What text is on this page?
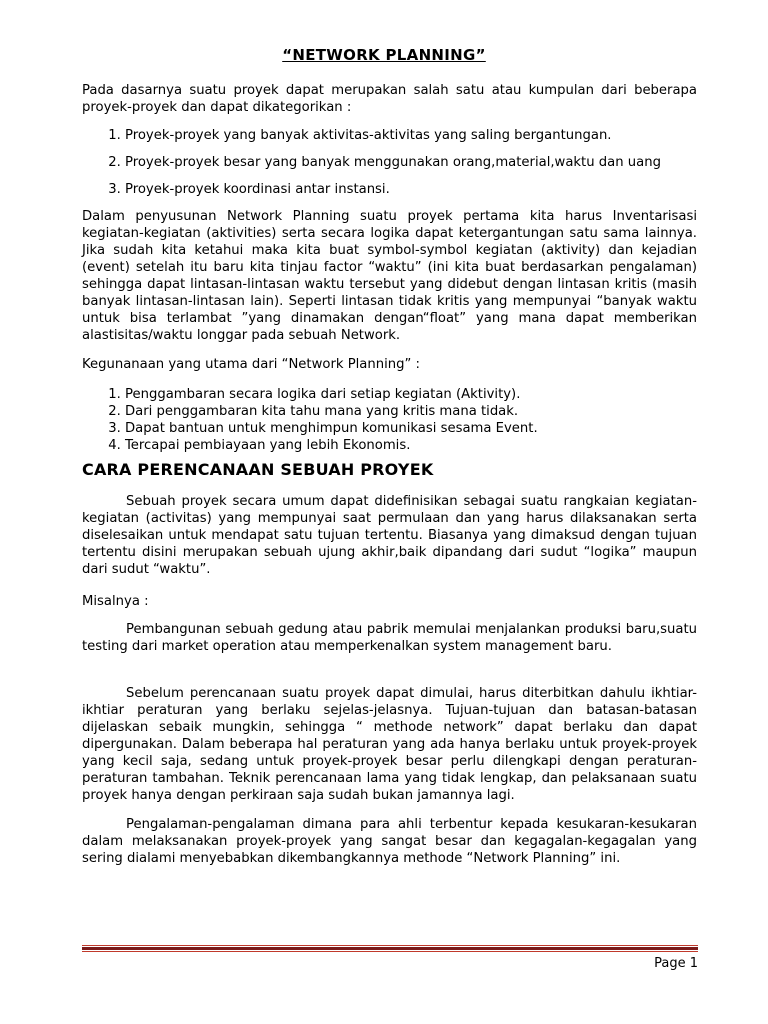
“NETWORK PLANNING”

Pada dasarnya suatu proyek dapat merupakan salah satu atau kumpulan dari beberapa proyek-proyek dan dapat dikategorikan :

1. Proyek-proyek yang banyak aktivitas-aktivitas yang saling bergantungan.
2. Proyek-proyek besar yang banyak menggunakan orang,material,waktu dan uang
3. Proyek-proyek koordinasi antar instansi.

Dalam penyusunan Network Planning suatu proyek pertama kita harus Inventarisasi kegiatan-kegiatan (aktivities) serta secara logika dapat ketergantungan satu sama lainnya. Jika sudah kita ketahui maka kita buat symbol-symbol kegiatan (aktivity) dan kejadian (event) setelah itu baru kita tinjau factor “waktu” (ini kita buat berdasarkan pengalaman) sehingga dapat lintasan-lintasan waktu tersebut yang didebut dengan lintasan kritis (masih banyak lintasan-lintasan lain). Seperti lintasan tidak kritis yang mempunyai “banyak waktu untuk bisa terlambat ”yang dinamakan dengan“float” yang mana dapat memberikan alastisitas/waktu longgar pada sebuah Network.

Kegunanaan yang utama dari “Network Planning” :

1. Penggambaran secara logika dari setiap kegiatan (Aktivity).
2. Dari penggambaran kita tahu mana yang kritis mana tidak.
3. Dapat bantuan untuk menghimpun komunikasi sesama Event.
4. Tercapai pembiayaan yang lebih Ekonomis.
CARA PERENCANAAN SEBUAH PROYEK

Sebuah proyek secara umum dapat didefinisikan sebagai suatu rangkaian kegiatan-kegiatan (activitas) yang mempunyai saat permulaan dan yang harus dilaksanakan serta diselesaikan untuk mendapat satu tujuan tertentu. Biasanya yang dimaksud dengan tujuan tertentu disini merupakan sebuah ujung akhir,baik dipandang dari sudut “logika” maupun dari sudut “waktu”.

Misalnya :

Pembangunan sebuah gedung atau pabrik memulai menjalankan produksi baru,suatu testing dari market operation atau memperkenalkan system management baru.

Sebelum perencanaan suatu proyek dapat dimulai, harus diterbitkan dahulu ikhtiar-ikhtiar peraturan yang berlaku sejelas-jelasnya. Tujuan-tujuan dan batasan-batasan dijelaskan sebaik mungkin, sehingga “ methode network” dapat berlaku dan dapat dipergunakan. Dalam beberapa hal peraturan yang ada hanya berlaku untuk proyek-proyek yang kecil saja, sedang untuk proyek-proyek besar perlu dilengkapi dengan peraturan-peraturan tambahan. Teknik perencanaan lama yang tidak lengkap, dan pelaksanaan suatu proyek hanya dengan perkiraan saja sudah bukan jamannya lagi.

Pengalaman-pengalaman dimana para ahli terbentur kepada kesukaran-kesukaran dalam melaksanakan proyek-proyek yang sangat besar dan kegagalan-kegagalan yang sering dialami menyebabkan dikembangkannya methode “Network Planning” ini.

Page 1
